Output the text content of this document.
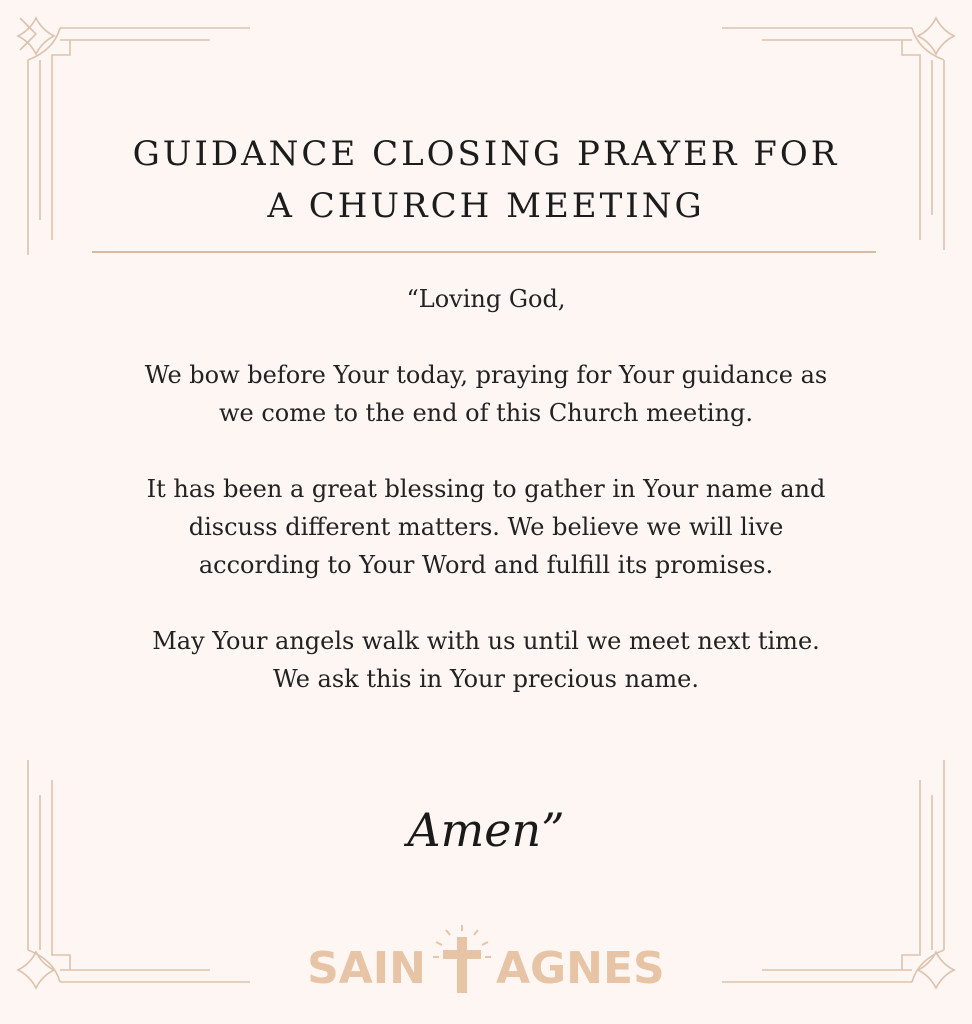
GUIDANCE CLOSING PRAYER FOR
A CHURCH MEETING

“Loving God,

We bow before Your today, praying for Your guidance as
we come to the end of this Church meeting.

It has been a great blessing to gather in Your name and
discuss different matters. We believe we will live
according to Your Word and fulfill its promises.

May Your angels walk with us until we meet next time.
We ask this in Your precious name.

Amen”
SAIN AGNES
